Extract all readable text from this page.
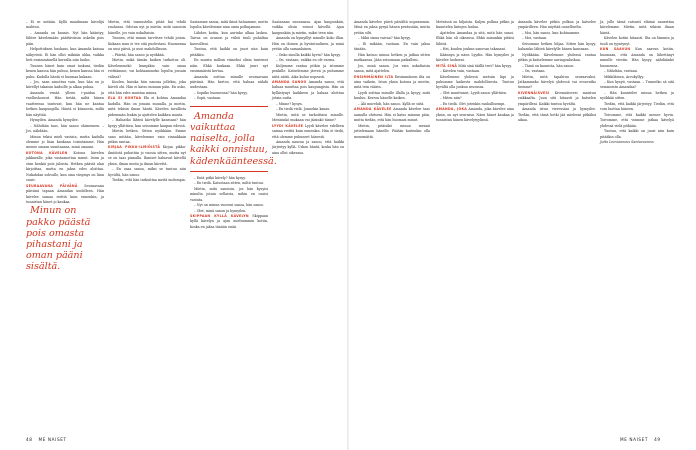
– Ei se mitään. Kyllä maailmaan kävelijä mahtuu.

– Amanda on kaunis. Nyt hän kääntyy, lähtee kävelemään päättäväisin askelin pois päin.

Helpottuksen huokaus, kun Amanda katoaa näkyvistä. Ei hän ollut mikään uhka, vaikka heti ensimmäisellä kerralla niin luulin.

Tunnen hänet kuin omat taskuni, tiedän kenen kanssa hän puhuu, kenen kanssa hän ei puhu. Kadulla häntä ei huomaa kukaan.

– Jos, saan sanottua vain, kun hän on jo kävellyt takaisin kaduille ja alkaa puhua.

Amanda venää ylleen t-paidan ja vaellushousut. Hän tietää, miltä hänen vaatteensa tuntuvat, kun hän ne kantaa hetken kaupungilla. Häntä ei kiinnosta, miltä hän näyttää.

Hymyilen. Amanda hymyilee.

– Nähdään taas, hän sanoo ohimennen. – Jos, nähdään.

Minun tekisi mieli vastata, mutta kadulla olemme jo liian kaukana toisistamme. Hän menee omaan suuntaansa, minä omaani.

KOTONA KÄVELEN Kotona kävelen jakkaralle, joka vastaanottaa minut. Istun ja otan kenkiä pois jaloista. Hetken päästä alan kirjoittaa, mutta en jaksa edes aloittaa. Nukahdan sohvalle, kun oma väsymys on liian suuri.

SEURAAVANA PÄIVÄNÄ Seuraavana päivänä tapaan Amandan uudelleen. Hän kävelee samaa reittiä kuin ennenkin, ja tunnistan hänet jo kaukaa.

Minun on pakko päästä pois omasta pihastani ja oman pääni sisältä.

Mietin, että tunnustelin pitää kai tehdä rauhassa. Odotan nyt ja mietin, mitä sanoisin hänelle, jos vain uskaltaisin.

Tunnen, että minun tarvitsee tehdä jotain. Kukaan muu ei tee sitä puolestani. Huomenna on uusi päivä, ja uusi mahdollisuus.

– Päivää, hän sanoo ja nyökkää.

Mietin, mikä tämän kaiken tarkoitus oli. Kävelemmekö kumpikin vain omaa reittiämme, vai kohtaammeko lopulta jossain välissä?

Kuulen, kuinka hän nauraa jollekin, joka käveli ohi. Hän ei katso minuun päin. En usko, että hän edes muistaa minua.

ELA EI KOHTAA Ela ei kohtaa Amandaa kadulla. Hän on jossain muualla, ja mietin, mitä tekisin ilman häntä. Kävelen tavallista pidemmän lenkin ja ajattelen kaikkea muuta.

– Haluatko lähteä kävelylle kanssani? hän kysyy yllättäen, kun seisomme kaupan edessä.

Mietin hetken. Sitten nyökkään. Emme sano mitään, kävelemme vain rinnakkain pitkin rantaa.

KIRJAA PIKKU-ILMIÖISTÄ Kirjaa pikku-ilmiöistä puhuttiin jo vuosia sitten, mutta nyt se on taas pinnalla. Ihmiset haluavat kävellä yksin, ilman muita ja ilman kiirettä.

– En osaa sanoa, miksi se tuntuu niin hyvältä, hän sanoo.

Tiedän, että hän tarkoittaa meitä molempia.

Saatamme sanoa, mitä ikinä haluamme, mutta lopulta kävelemme aina omia polkujamme.

Lähden kotiin, kun aurinko alkaa laskea. Taivas on oranssi ja viileä tuuli puhaltaa kasvoilleni.

Tuntuu, että kaikki on juuri niin kuin pitääkin.

En muista milloin viimeksi olisin tuntenut näin. Ehkä koskaan. Ehkä juuri nyt ensimmäistä kertaa.

Amanda soittaa minulle seuraavana päivänä. Hän kertoo, että haluaa nähdä uudestaan.

– Sopiiko huomenna? hän kysyy.

– Sopii, vastaan.

Amanda vaikuttaa naiselta, jolla kaikki onnistuu, kädenkäänteessä.

– Entä pitkä kävely? hän kysyy.

– En tiedä. Katsotaan sitten, miltä tuntuu.

Mietin, mitä sanoisin, jos hän kysyisi minulta jotain sellaista, mihin en osaisi vastata.

– Nyt on minun vuoroni sanoa, hän sanoo.

– Olet, minä sanon ja hymyilen.

SKIPPAAN KYLLÄ KÄVELYN Skippaan kyllä kävelyn ja ajan mieluummin kotiin, koska en jaksa tänään enää.

Saatanaan suunnassa. Ajan kaupunkiin, vaikka olisin voinut kävellä. Ajan kaupunkiin ja mietin, miksi teen niin.

Amanda on hymyillyt minulle koko illan. Hän on iloinen ja hyväntuulinen, ja minä yritän olla samanlainen.

– Onko sinulla kaikki hyvin? hän kysyy.

– On, vastaan, vaikka en ole varma.

Kuljemme rantaa pitkin ja istumme penkille. Katselemme järveä ja puhumme niitä näitä. Aika kuluu nopeasti.

AMANDA SANOO Amanda sanoo, että haluaa muuttaa pois kaupungista. Hän on kyllästynyt kaikkeen ja haluaa aloittaa jotain uutta.

– Minne? kysyn.

– En tiedä vielä. Jonnekin kauas.

Mietin, mitä se tarkoittaisi minulle. Menisinkö mukaan vai jäisinkö tänne?

LYYDI KÄVELEE Lyydi kävelee edelleen samaa reittiä kuin ennenkin. Hän ei tiedä, että olemme puhuneet hänestä.

Amanda nauraa ja sanoo, että kaikki järjestyy kyllä. Uskon häntä, koska hän on aina ollut oikeassa.

48 ME NAISET

Amanda kävelee päivä päivältä nopeammin. Minä en jaksa pysyä hänen perässään, mutta yritän silti.

– Mikä sinua vaivaa? hän kysyy.

– Ei mikään, vastaan. En vain jaksa tänään.

Hän katsoo minua hetken ja jatkaa sitten matkaansa. Jään seisomaan paikalleni.

Jos, minä sanon. Jos vain uskaltaisin sanoa, mitä ajattelen.

ENSIMMÄINEN ILTA Ensimmäinen ilta on aina vaikein. Istun yksin kotona ja mietin, mitä tein väärin.

Lyydi soittaa minulle illalla ja kysyy, mitä kuuluu. Kerron hänelle kaiken.

– Älä murehdi, hän sanoo. Kyllä se siitä.

AMANDA KÄVELEE Amanda kävelee taas aamulla ohitseni. Hän ei katso minuun päin, mutta tiedän, että hän huomasi minut.

Mietin, pitäisikö minun mennä juttelemaan hänelle. Päätän kuitenkin olla menemättä.

Metsässä on hiljaista. Kuljen polkua pitkin ja kuuntelen lintujen laulua.

Ajattelen Amandaa ja sitä, mitä hän sanoi. Ehkä hän oli oikeassa. Ehkä minunkin pitäisi lähteä.

– Hei, kuulen jonkun sanovan takanani.

Käännyn ja näen Lyydin. Hän hymyilee ja kävelee luokseni.

MITÄ SINÄ Mitä sinä täällä teet? hän kysyy.

– Kävelen vain, vastaan.

Kävelemme yhdessä metsän läpi ja puhumme kaikesta mahdollisesta. Tuntuu hyvältä olla jonkun seurassa.

– Olet muuttunut, Lyydi sanoo yllättäen.

– Miten niin?

– En tiedä. Olet jotenkin rauhallisempi.

AMANDA, JOKA Amanda, joka kävelee aina yksin, on nyt seurassa. Näen hänet kaukaa ja tunnistan hänen kävelytyylinsä.

Amanda kävelee pitkin polkua ja katselee ympärilleen. Hän näyttää onnelliselta.

– Moi, hän sanoo, kun kohtaamme.

– Moi, vastaan.

Seisomme hetken hiljaa. Sitten hän kysyy, haluanko lähteä kävelylle hänen kanssaan.

Nyökkään. Kävelemme yhdessä rantaa pitkin ja katselemme auringonlaskua.

– Tämä on kaunista, hän sanoo.

– On, vastaan.

Mietin, mitä tapahtuu seuraavaksi. Jatkammeko kävelyä yhdessä vai eroavatko tiemme?

KIVENNÄISVESI Kivennäisvesi maistuu raikkaalta. Juon sitä hitaasti ja katselen ympärilleni. Kaikki tuntuu hyvältä.

Amanda istuu vieressäni ja hymyilee. Tiedän, että tämä hetki jää mieleeni pitkäksi aikaa.

Ja, jolle tämä ratsasti eläimä naurattaa kävelemme. Mietin, mitä tekisin ilman häntä.

Kävelen kotiin hitaasti. Ilta on lämmin ja tuuli on tyyntynyt.

KUN SAAVUN Kun saavun kotiin, huomaan, että Amanda on lähettänyt minulle viestin. Hän kysyy, nähdäänkö huomenna.

– Nähdään, vastaan.

Mikkiläinen, Arvokyllyy.

– Kun kysyit, vastaan. – Tunnetko sä sitä semmoista Amandaa?

– Hän kuuntelee minua hetken ja nyökkää sitten.

Tiedän, että kaikki järjestyy. Tiedän, että voin luottaa häneen.

Toivomme, että kaikki menee hyvin. Toivomme, että voimme jatkaa kävelyä yhdessä vielä pitkään.

Tuntuu, että kaikki on juuri niin kuin pitääkin olla.

Jutta Leevianneus Santavuoress

ME NAISET 49
